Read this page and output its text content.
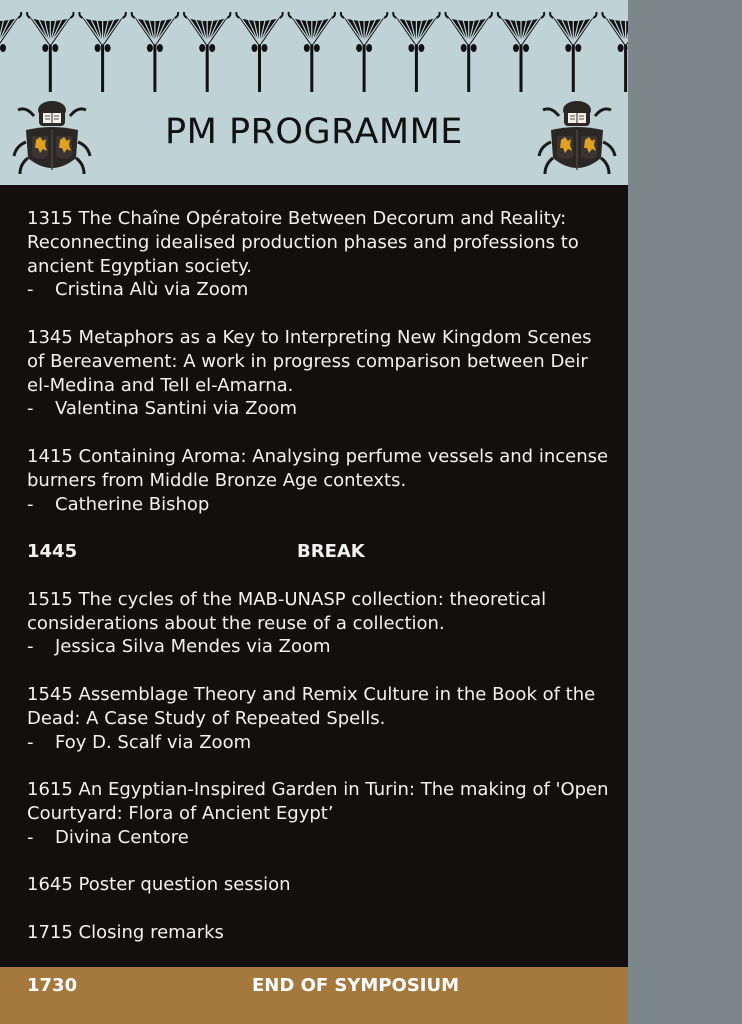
PM PROGRAMME
1315 The Chaîne Opératoire Between Decorum and Reality: Reconnecting idealised production phases and professions to ancient Egyptian society.
- Cristina Alù via Zoom
1345 Metaphors as a Key to Interpreting New Kingdom Scenes of Bereavement: A work in progress comparison between Deir el-Medina and Tell el-Amarna.
- Valentina Santini via Zoom
1415 Containing Aroma: Analysing perfume vessels and incense burners from Middle Bronze Age contexts.
- Catherine Bishop
1445	BREAK
1515 The cycles of the MAB-UNASP collection: theoretical considerations about the reuse of a collection.
- Jessica Silva Mendes via Zoom
1545 Assemblage Theory and Remix Culture in the Book of the Dead: A Case Study of Repeated Spells.
- Foy D. Scalf via Zoom
1615 An Egyptian-Inspired Garden in Turin: The making of 'Open Courtyard: Flora of Ancient Egypt’
- Divina Centore
1645 Poster question session
1715 Closing remarks
1730	END OF SYMPOSIUM
